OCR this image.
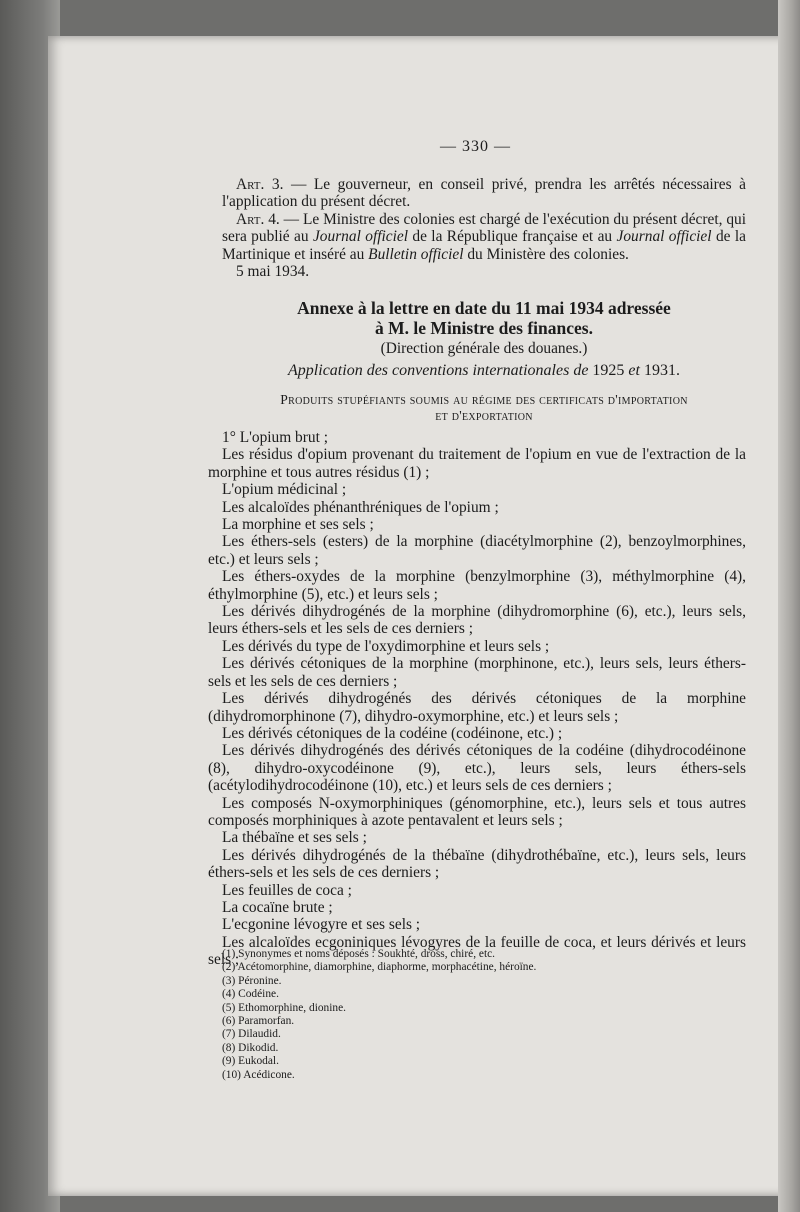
— 330 —

Art. 3. — Le gouverneur, en conseil privé, prendra les arrêtés nécessaires à l'application du présent décret.

Art. 4. — Le Ministre des colonies est chargé de l'exécution du présent décret, qui sera publié au Journal officiel de la République française et au Journal officiel de la Martinique et inséré au Bulletin officiel du Ministère des colonies.

5 mai 1934.

Annexe à la lettre en date du 11 mai 1934 adressée
à M. le Ministre des finances.
(Direction générale des douanes.)
Application des conventions internationales de 1925 et 1931.
Produits stupéfiants soumis au régime des certificats d'importation
et d'exportation

1° L'opium brut ;

Les résidus d'opium provenant du traitement de l'opium en vue de l'extraction de la morphine et tous autres résidus (1) ;

L'opium médicinal ;

Les alcaloïdes phénanthréniques de l'opium ;

La morphine et ses sels ;

Les éthers-sels (esters) de la morphine (diacétylmorphine (2), benzoylmorphines, etc.) et leurs sels ;

Les éthers-oxydes de la morphine (benzylmorphine (3), méthylmorphine (4), éthylmorphine (5), etc.) et leurs sels ;

Les dérivés dihydrogénés de la morphine (dihydromorphine (6), etc.), leurs sels, leurs éthers-sels et les sels de ces derniers ;

Les dérivés du type de l'oxydimorphine et leurs sels ;

Les dérivés cétoniques de la morphine (morphinone, etc.), leurs sels, leurs éthers-sels et les sels de ces derniers ;

Les dérivés dihydrogénés des dérivés cétoniques de la morphine (dihydromorphinone (7), dihydro-oxymorphine, etc.) et leurs sels ;

Les dérivés cétoniques de la codéine (codéinone, etc.) ;

Les dérivés dihydrogénés des dérivés cétoniques de la codéine (dihydrocodéinone (8), dihydro-oxycodéinone (9), etc.), leurs sels, leurs éthers-sels (acétylodihydrocodéinone (10), etc.) et leurs sels de ces derniers ;

Les composés N-oxymorphiniques (génomorphine, etc.), leurs sels et tous autres composés morphiniques à azote pentavalent et leurs sels ;

La thébaïne et ses sels ;

Les dérivés dihydrogénés de la thébaïne (dihydrothébaïne, etc.), leurs sels, leurs éthers-sels et les sels de ces derniers ;

Les feuilles de coca ;

La cocaïne brute ;

L'ecgonine lévogyre et ses sels ;

Les alcaloïdes ecgoniniques lévogyres de la feuille de coca, et leurs dérivés et leurs sels ;

(1) Synonymes et noms déposés : Soukhté, dross, chiré, etc.

(2) Acétomorphine, diamorphine, diaphorme, morphacétine, héroïne.

(3) Péronine.

(4) Codéine.

(5) Ethomorphine, dionine.

(6) Paramorfan.

(7) Dilaudid.

(8) Dikodid.

(9) Eukodal.

(10) Acédicone.
